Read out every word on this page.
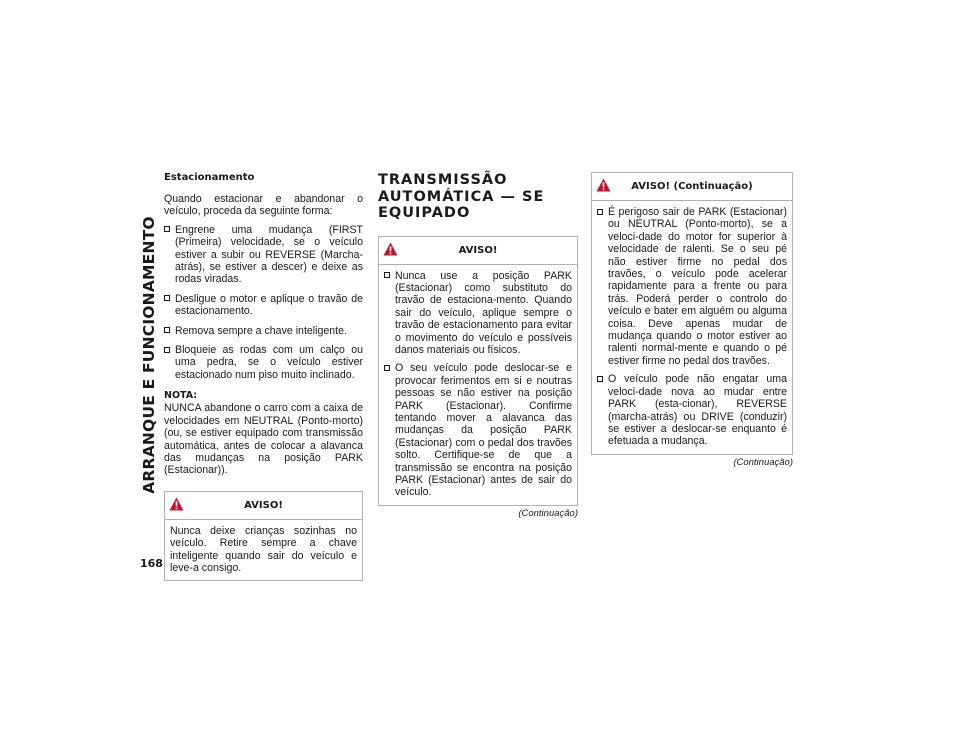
ARRANQUE E FUNCIONAMENTO
168
Estacionamento

Quando estacionar e abandonar o veículo, proceda da seguinte forma:

Engrene uma mudança (FIRST (Primeira) velocidade, se o veículo estiver a subir ou REVERSE (Marcha-atrás), se estiver a descer) e deixe as rodas viradas.
Desligue o motor e aplique o travão de estacionamento.
Remova sempre a chave inteligente.
Bloqueie as rodas com um calço ou uma pedra, se o veículo estiver estacionado num piso muito inclinado.
NOTA:

NUNCA abandone o carro com a caixa de velocidades em NEUTRAL (Ponto-morto) (ou, se estiver equipado com transmissão automática, antes de colocar a alavanca das mudanças na posição PARK (Estacionar)).

AVISO!

Nunca deixe crianças sozinhas no veículo. Retire sempre a chave inteligente quando sair do veículo e leve-a consigo.

TRANSMISSÃO
AUTOMÁTICA — SE
EQUIPADO
AVISO!
Nunca use a posição PARK (Estacionar) como substituto do travão de estaciona-mento. Quando sair do veículo, aplique sempre o travão de estacionamento para evitar o movimento do veículo e possíveis danos materiais ou físicos.
O seu veículo pode deslocar-se e provocar ferimentos em si e noutras pessoas se não estiver na posição PARK (Estacionar). Confirme tentando mover a alavanca das mudanças da posição PARK (Estacionar) com o pedal dos travões solto. Certifique-se de que a transmissão se encontra na posição PARK (Estacionar) antes de sair do veículo.
(Continuação)
AVISO! (Continuação)
É perigoso sair de PARK (Estacionar) ou NEUTRAL (Ponto-morto), se a veloci-dade do motor for superior à velocidade de ralenti. Se o seu pé não estiver firme no pedal dos travões, o veículo pode acelerar rapidamente para a frente ou para trás. Poderá perder o controlo do veículo e bater em alguém ou alguma coisa. Deve apenas mudar de mudança quando o motor estiver ao ralenti normal-mente e quando o pé estiver firme no pedal dos travões.
O veículo pode não engatar uma veloci-dade nova ao mudar entre PARK (esta-cionar), REVERSE (marcha-atrás) ou DRIVE (conduzir) se estiver a deslocar-se enquanto é efetuada a mudança.
(Continuação)
